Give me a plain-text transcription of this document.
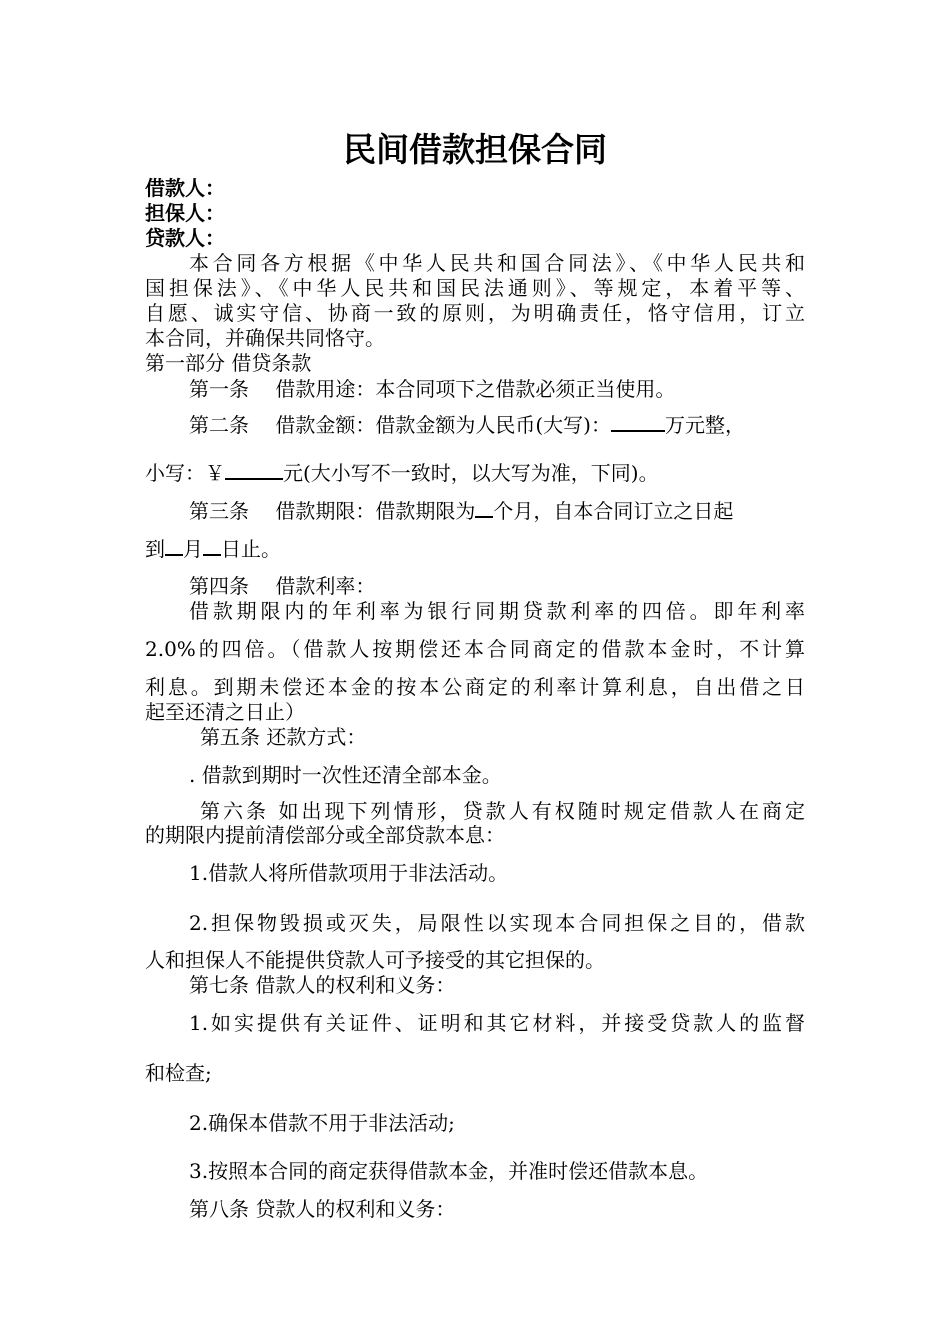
民间借款担保合同
借款人：
担保人：
贷款人：
本合同各方根据《中华人民共和国合同法》、《中华人民共和
国担保法》、《中华人民共和国民法通则》、等规定，本着平等、
自愿、诚实守信、协商一致的原则，为明确责任，恪守信用，订立
本合同，并确保共同恪守。
第一部分 借贷条款
第一条　 借款用途：本合同项下之借款必须正当使用。
第二条　 借款金额：借款金额为人民币(大写)：	万元整，
小写：￥	元(大小写不一致时，以大写为准，下同)。
第三条　 借款期限：借款期限为 个月，自本合同订立之日起
到 月 日止。
第四条　 借款利率：
借款期限内的年利率为银行同期贷款利率的四倍。即年利率
2.0%的四倍。（借款人按期偿还本合同商定的借款本金时，不计算
利息。到期未偿还本金的按本公商定的利率计算利息，自出借之日
起至还清之日止）
第五条 还款方式：
. 借款到期时一次性还清全部本金。
第六条 如出现下列情形，贷款人有权随时规定借款人在商定
的期限内提前清偿部分或全部贷款本息：
1.借款人将所借款项用于非法活动。
2.担保物毁损或灭失，局限性以实现本合同担保之目的，借款
人和担保人不能提供贷款人可予接受的其它担保的。
第七条 借款人的权利和义务：
1.如实提供有关证件、证明和其它材料，并接受贷款人的监督
和检查;
2.确保本借款不用于非法活动;
3.按照本合同的商定获得借款本金，并准时偿还借款本息。
第八条 贷款人的权利和义务：
